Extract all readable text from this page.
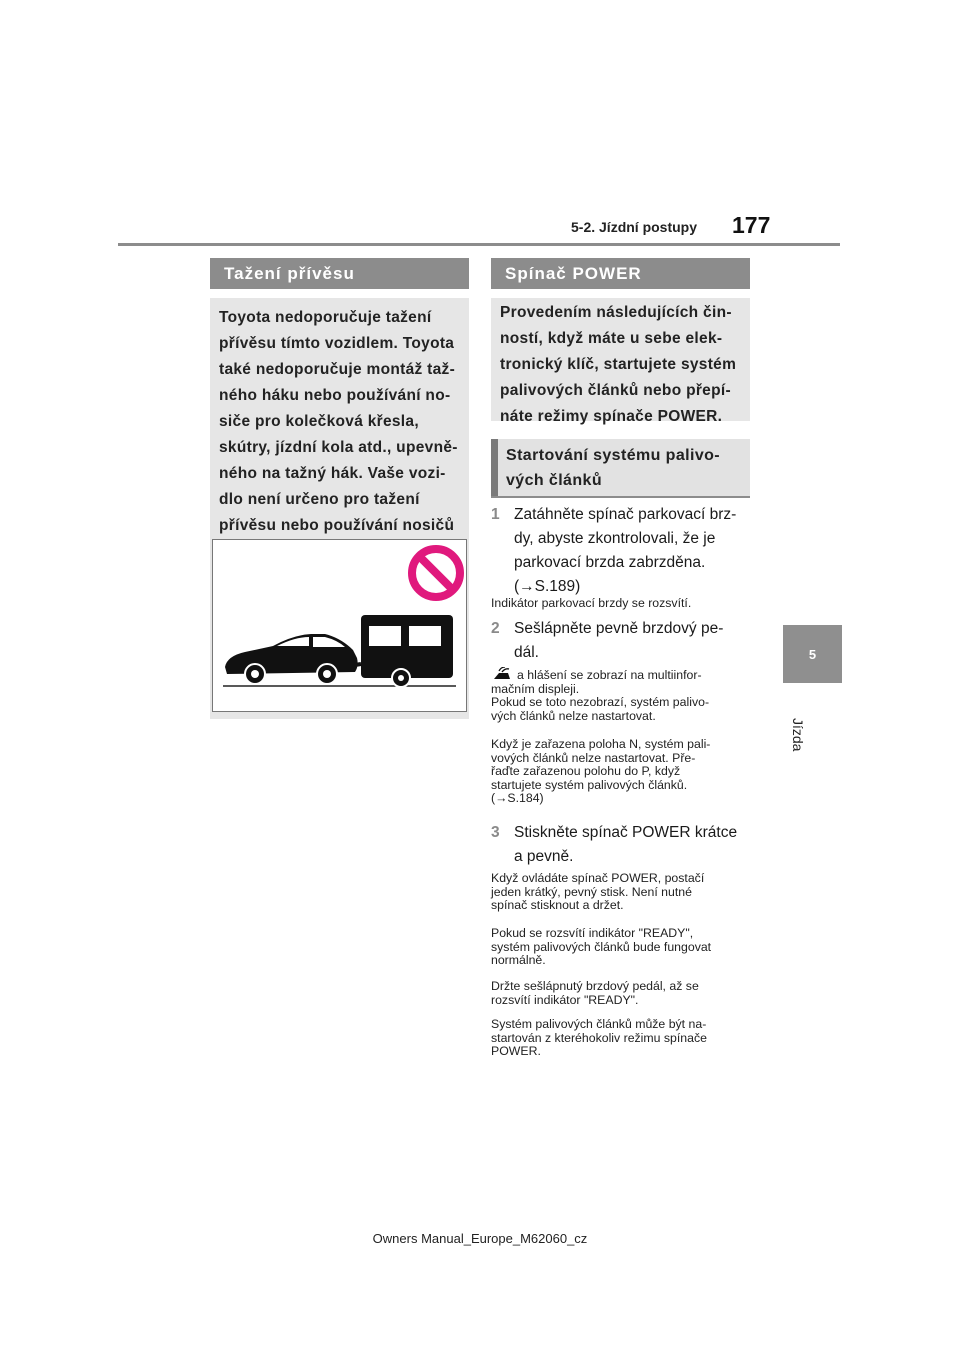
5-2. Jízdní postupy 177
5
Jízda
Tažení přívěsu
Toyota nedoporučuje tažení
přívěsu tímto vozidlem. Toyota
také nedoporučuje montáž taž-
ného háku nebo používání no-
siče pro kolečková křesla,
skútry, jízdní kola atd., upevně-
ného na tažný hák. Vaše vozi-
dlo není určeno pro tažení
přívěsu nebo používání nosičů
Spínač POWER
Provedením následujících čin-
ností, když máte u sebe elek-
tronický klíč, startujete systém
palivových článků nebo přepí-
náte režimy spínače POWER.
Startování systému palivo-
vých článků
1 Zatáhněte spínač parkovací brz-
dy, abyste zkontrolovali, že je
parkovací brzda zabrzděna.
(→S.189)
Indikátor parkovací brzdy se rozsvítí.
2 Sešlápněte pevně brzdový pe-
dál.
a hlášení se zobrazí na multiinfor-
mačním displeji.
Pokud se toto nezobrazí, systém palivo-
vých článků nelze nastartovat.
Když je zařazena poloha N, systém pali-
vových článků nelze nastartovat. Pře-
řaďte zařazenou polohu do P, když
startujete systém palivových článků.
(→S.184)
3 Stiskněte spínač POWER krátce
a pevně.
Když ovládáte spínač POWER, postačí
jeden krátký, pevný stisk. Není nutné
spínač stisknout a držet.
Pokud se rozsvítí indikátor "READY",
systém palivových článků bude fungovat
normálně.
Držte sešlápnutý brzdový pedál, až se
rozsvítí indikátor "READY".
Systém palivových článků může být na-
startován z kteréhokoliv režimu spínače
POWER.
Owners Manual_Europe_M62060_cz
